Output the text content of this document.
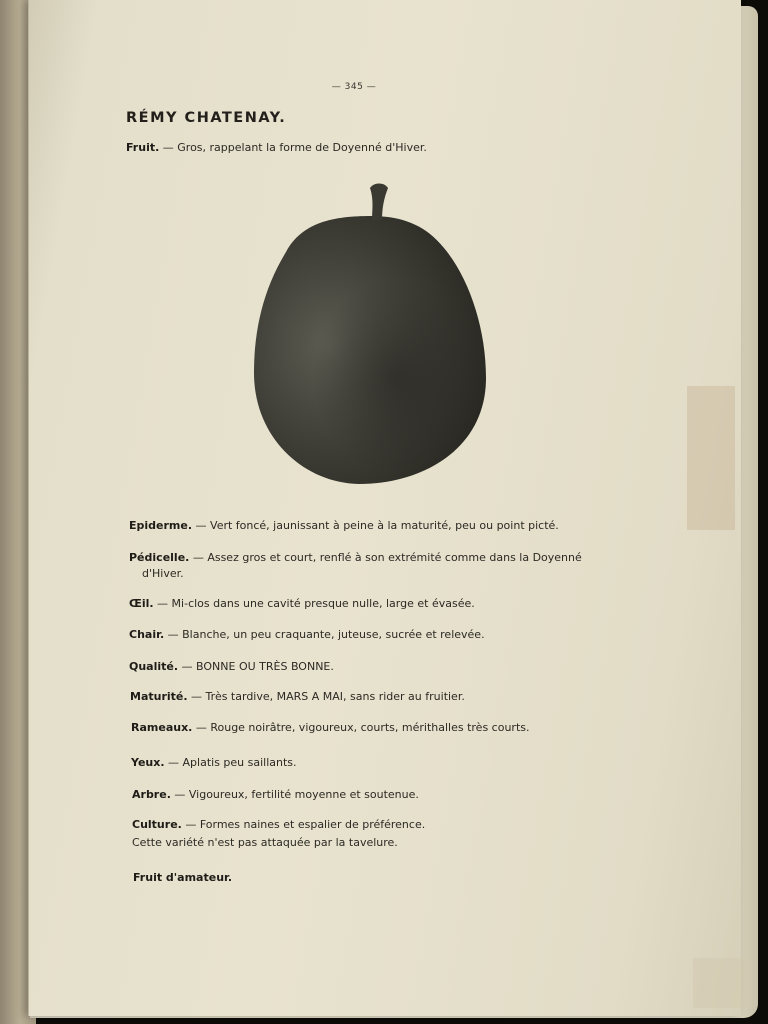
— 345 —
RÉMY CHATENAY.
Fruit. — Gros, rappelant la forme de Doyenné d'Hiver.
Epiderme. — Vert foncé, jaunissant à peine à la maturité, peu ou point picté.
Pédicelle. — Assez gros et court, renflé à son extrémité comme dans la Doyenné
d'Hiver.
Œil. — Mi-clos dans une cavité presque nulle, large et évasée.
Chair. — Blanche, un peu craquante, juteuse, sucrée et relevée.
Qualité. — BONNE OU TRÈS BONNE.
Maturité. — Très tardive, MARS A MAI, sans rider au fruitier.
Rameaux. — Rouge noirâtre, vigoureux, courts, mérithalles très courts.
Yeux. — Aplatis peu saillants.
Arbre. — Vigoureux, fertilité moyenne et soutenue.
Culture. — Formes naines et espalier de préférence.
Cette variété n'est pas attaquée par la tavelure.
Fruit d'amateur.
